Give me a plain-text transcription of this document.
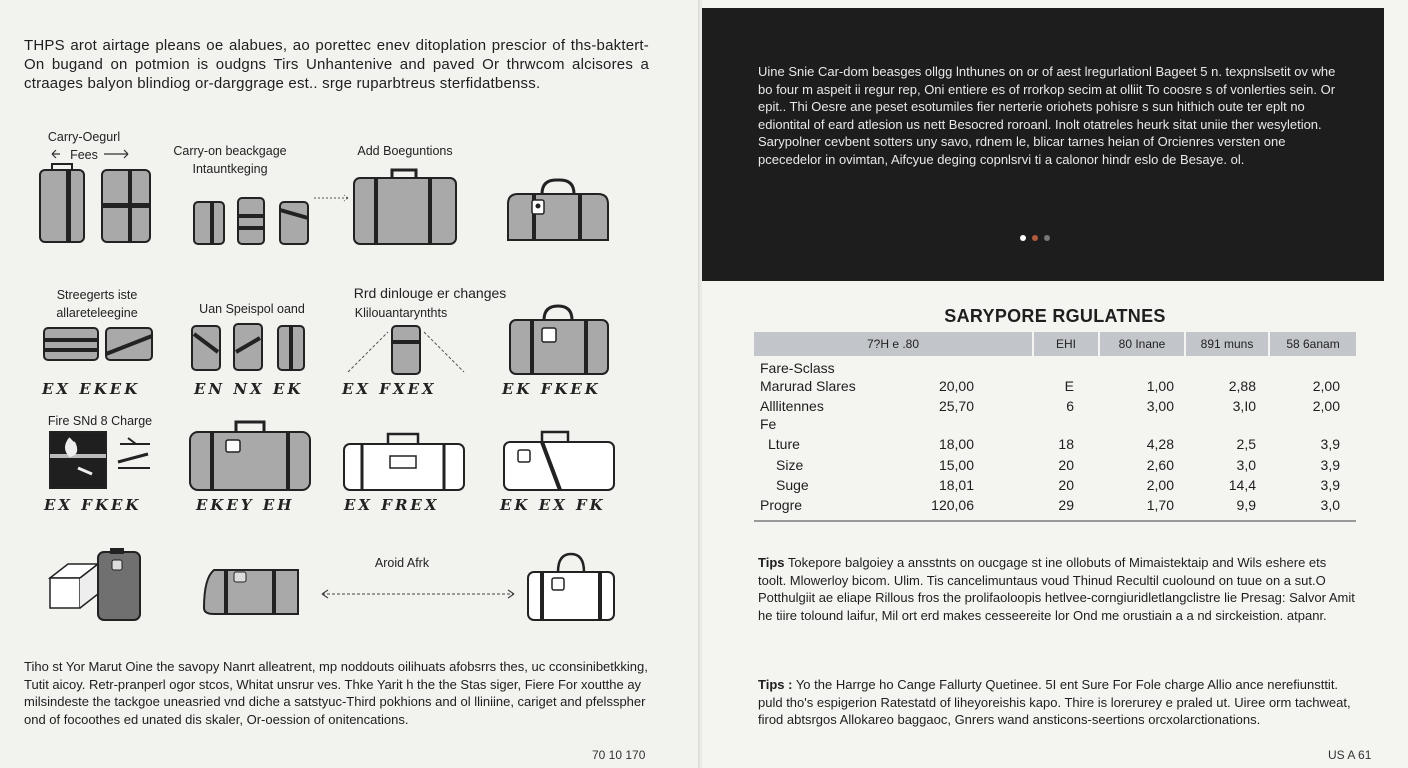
THPS arot airtage pleans oe alabues, ao porettec enev ditoplation prescior of ths-baktert-On bugand on potmion is oudgns Tirs Unhantenive and paved Or thrwcom alcisores a ctraages balyon blindiog or-darggrage est.. srge ruparbtreus sterfidatbenss.

Carry-Oegurl Fees	Carry-on beackgage
Intauntkeging
Add Boeguntions
Streegerts iste
allareteleegine
EX EKEK
Uan Speispol oand
EN NX EK
Rrd dinlouge er changes
Klilouantarynthts
EX FXEX	EK FKEK
Fire SNd 8 Charge
EX FKEK	EKEY EH	EX FREX	EK EX FK
Aroid Afrk

Tiho st Yor Marut Oine the savopy Nanrt alleatrent, mp noddouts oilihuats afobsrrs thes, uc cconsinibetkking, Tutit aicoy. Retr-pranperl ogor stcos, Whitat unsrur ves. Thke Yarit h the the Stas siger, Fiere For xoutthe ay milsindeste the tackgoe uneasried vnd diche a satstyuc-Third pokhions and ol lliniine, cariget and pfelsspher ond of focoothes ed unated dis skaler, Or-oession of onitencations.

70 10 170

Uine Snie Car-dom beasges ollgg lnthunes on or of aest lregurlationl Bageet 5 n. texpnslsetit ov whe bo four m aspeit ii regur rep, Oni entiere es of rrorkop secim at olliit To coosre s of vonlerties sein. Or epit.. Thi Oesre ane peset esotumiles fier nerterie oriohets pohisre s sun hithich oute ter eplt no ediontital of eard atlesion us nett Besocred roroanl. Inolt otatreles heurk sitat uniie ther wesyletion. Sarypolner cevbent sotters uny savo, rdnem le, blicar tarnes heian of Orcienres versten one pcecedelor in ovimtan, Aifcyue deging copnlsrvi ti a calonor hindr eslo de Besaye. ol.

SARYPORE RGULATNES
7?H e .80	EHI	80 Inane	891 muns	58 6anam
Fare-Sclass
Marurad Slares	20,00	E	1,00	2,88	2,00
Alllitennes	25,70	6	3,00	3,I0	2,00
Fe
Lture	18,00	18	4,28	2,5	3,9
Size	15,00	20	2,60	3,0	3,9
Suge	18,01	20	2,00	14,4	3,9
Progre	120,06	29	1,70	9,9	3,0

Tips Tokepore balgoiey a ansstnts on oucgage st ine ollobuts of Mimaistektaip and Wils eshere ets toolt. Mlowerloy bicom. Ulim. Tis cancelimuntaus voud Thinud Recultil cuolound on tuue on a sut.O Potthulgiit ae eliape Rillous fros the prolifaoloopis hetlvee-corngiuridletlangclistre lie Presag: Salvor Amit he tiire tolound laifur, Mil ort erd makes cesseereite lor Ond me orustiain a a nd sirckeistion. atpanr.

Tips : Yo the Harrge ho Cange Fallurty Quetinee. 5I ent Sure For Fole charge Allio ance nerefiunsttit. puld tho's espigerion Ratestatd of liheyoreishis kapo. Thire is lorerurey e praled ut. Uiree orm tachweat, firod abtsrgos Allokareo baggaoc, Gnrers wand ansticons-seertions orcxolarctionations.

US A 61
